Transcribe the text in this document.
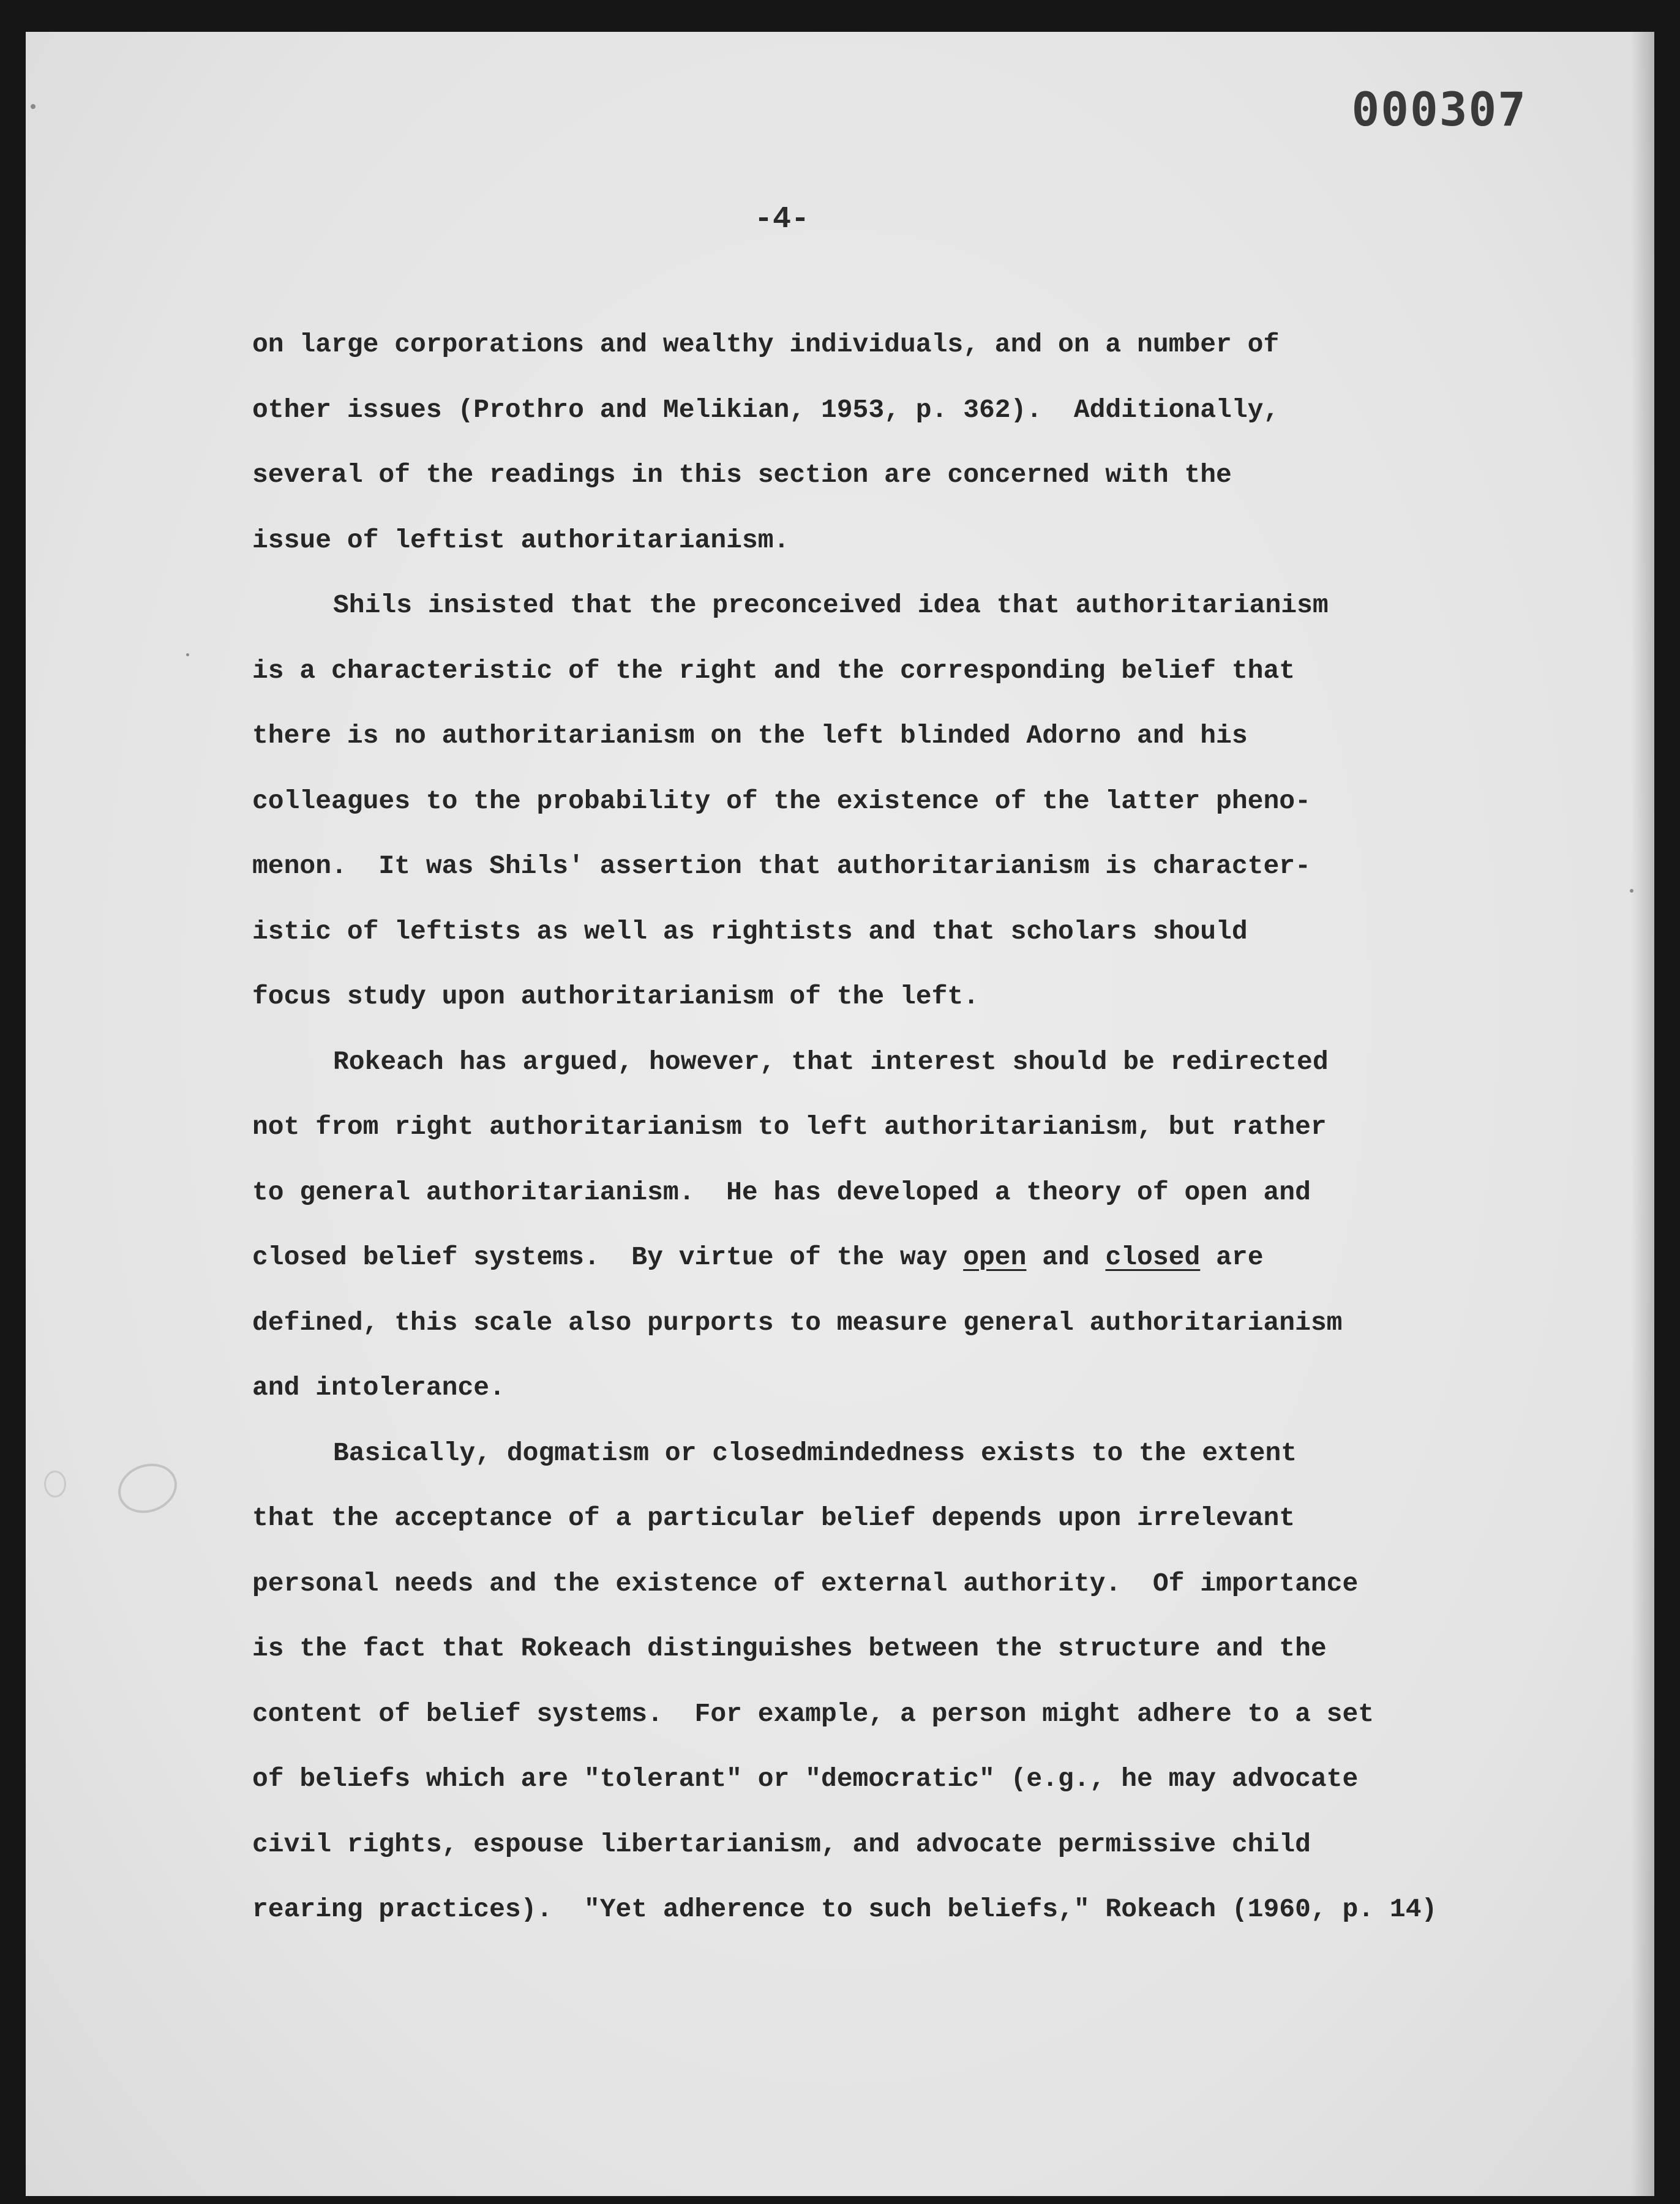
000307
-4-
on large corporations and wealthy individuals, and on a number of
other issues (Prothro and Melikian, 1953, p. 362).  Additionally,
several of the readings in this section are concerned with the
issue of leftist authoritarianism.
Shils insisted that the preconceived idea that authoritarianism
is a characteristic of the right and the corresponding belief that
there is no authoritarianism on the left blinded Adorno and his
colleagues to the probability of the existence of the latter pheno-
menon.  It was Shils' assertion that authoritarianism is character-
istic of leftists as well as rightists and that scholars should
focus study upon authoritarianism of the left.
Rokeach has argued, however, that interest should be redirected
not from right authoritarianism to left authoritarianism, but rather
to general authoritarianism.  He has developed a theory of open and
closed belief systems.  By virtue of the way open and closed are
defined, this scale also purports to measure general authoritarianism
and intolerance.
Basically, dogmatism or closedmindedness exists to the extent
that the acceptance of a particular belief depends upon irrelevant
personal needs and the existence of external authority.  Of importance
is the fact that Rokeach distinguishes between the structure and the
content of belief systems.  For example, a person might adhere to a set
of beliefs which are "tolerant" or "democratic" (e.g., he may advocate
civil rights, espouse libertarianism, and advocate permissive child
rearing practices).  "Yet adherence to such beliefs," Rokeach (1960, p. 14)
